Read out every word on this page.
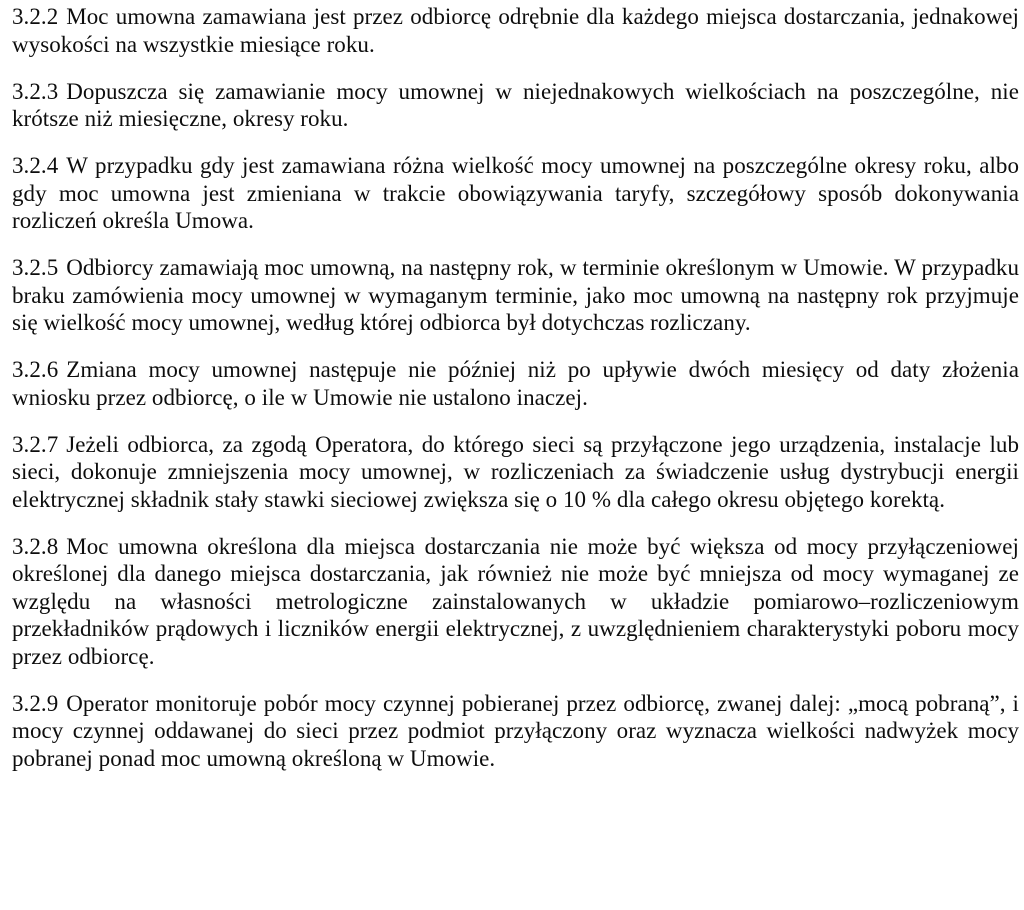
3.2.2 Moc umowna zamawiana jest przez odbiorcę odrębnie dla każdego miejsca dostarczania, jednakowej wysokości na wszystkie miesiące roku.

3.2.3 Dopuszcza się zamawianie mocy umownej w niejednakowych wielkościach na poszczególne, nie krótsze niż miesięczne, okresy roku.

3.2.4 W przypadku gdy jest zamawiana różna wielkość mocy umownej na poszczególne okresy roku, albo gdy moc umowna jest zmieniana w trakcie obowiązywania taryfy, szczegółowy sposób dokonywania rozliczeń określa Umowa.

3.2.5 Odbiorcy zamawiają moc umowną, na następny rok, w terminie określonym w Umowie. W przypadku braku zamówienia mocy umownej w wymaganym terminie, jako moc umowną na następny rok przyjmuje się wielkość mocy umownej, według której odbiorca był dotychczas rozliczany.

3.2.6 Zmiana mocy umownej następuje nie później niż po upływie dwóch miesięcy od daty złożenia wniosku przez odbiorcę, o ile w Umowie nie ustalono inaczej.

3.2.7 Jeżeli odbiorca, za zgodą Operatora, do którego sieci są przyłączone jego urządzenia, instalacje lub sieci, dokonuje zmniejszenia mocy umownej, w rozliczeniach za świadczenie usług dystrybucji energii elektrycznej składnik stały stawki sieciowej zwiększa się o 10 % dla całego okresu objętego korektą.

3.2.8 Moc umowna określona dla miejsca dostarczania nie może być większa od mocy przyłączeniowej określonej dla danego miejsca dostarczania, jak również nie może być mniejsza od mocy wymaganej ze względu na własności metrologiczne zainstalowanych w układzie pomiarowo–rozliczeniowym przekładników prądowych i liczników energii elektrycznej, z uwzględnieniem charakterystyki poboru mocy przez odbiorcę.

3.2.9 Operator monitoruje pobór mocy czynnej pobieranej przez odbiorcę, zwanej dalej: „mocą pobraną”, i mocy czynnej oddawanej do sieci przez podmiot przyłączony oraz wyznacza wielkości nadwyżek mocy pobranej ponad moc umowną określoną w Umowie.
